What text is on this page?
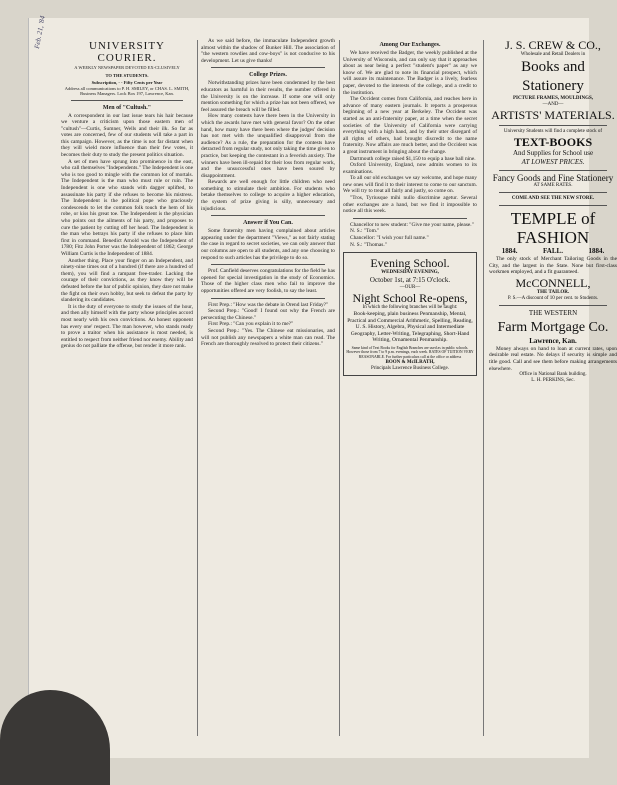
UNIVERSITY COURIER.
A WEEKLY NEWSPAPER DEVOTED EX-CLUSIVELY
TO THE STUDENTS.
Subscription, - - Fifty Cents per Year
Address all communications to P. H. SMILEY, or CHAS. L. SMITH, Business Managers. Lock Box 197, Lawrence, Kan.
Men of "Cultush."

A correspondent in our last issue tears his hair because we venture a criticism upon those eastern men of "cultush"—Curtis, Sumner, Wells and their ilk. So far as votes are concerned, few of our students will take a part in this campaign. However, as the time is not far distant when they will wield more influence than their few votes, it becomes their duty to study the present politics situation.

A set of men have sprung into prominence in the east, who call themselves "Independents." The Independent is one who is too good to mingle with the common lot of mortals. The Independent is the man who must rule or ruin. The Independent is one who stands with dagger uplifted, to assassinate his party if she refuses to become his mistress. The Independent is the political pope who graciously condescends to let the common folk touch the hem of his robe, or kiss his great toe. The Independent is the physician who points out the ailments of his party, and proposes to cure the patient by cutting off her head. The Independent is the man who betrays his party if she refuses to place him first in command. Benedict Arnold was the Independent of 1780; Fitz John Porter was the Independent of 1862; George William Curtis is the Independent of 1884.

Another thing. Place your finger on an Independent, and ninety-nine times out of a hundred (if there are a hundred of them), you will find a rampant free-trader. Lacking the courage of their convictions, as they know they will be defeated before the bar of public opinion, they dare not make the fight on their own hobby, but seek to defeat the party by slandering its candidates.

It is the duty of everyone to study the issues of the hour, and then ally himself with the party whose principles accord most nearly with his own convictions. An honest opponent has every one' respect. The man however, who stands ready to prove a traitor when his assistance is most needed, is entitled to respect from neither friend nor enemy. Ability and genius do not palliate the offense, but render it more rank.

As we said before, the immaculate Independent growth almost within the shadow of Bunker Hill. The association of "the western rowdies and cow-boys" is not conducive to his development. Let us give thanks!

College Prizes.

Notwithstanding prizes have been condemned by the best educators as harmful in their results, the number offered in the University is on the increase. If some one will only mention something for which a prize has not been offered, we feel assured the breach will be filled.

How many contests have there been in the University in which the awards have met with general favor? On the other hand, how many have there been where the judges' decision has not met with the unqualified disapproval from the audience? As a rule, the preparation for the contests have detracted from regular study, not only taking the time given to practice, but keeping the contestant in a feverish anxiety. The winners have been ill-repaid for their loss from regular work, and the unsuccessful ones have been soured by disappointment.

Rewards are well enough for little children who need something to stimulate their ambition. For students who betake themselves to college to acquire a higher education, the system of prize giving is silly, unnecessary and injudicious.

Answer if You Can.

Some fraternity men having complained about articles appearing under the department "Views," as not fairly stating the case in regard to secret societies, we can only answer that our columns are open to all students, and any one choosing to respond to such articles has the privilege to do so.

Prof. Canfield deserves congratulations for the field he has opened for special investigation in the study of Economics. Those of the higher class men who fail to improve the opportunities offered are very foolish, to say the least.

First Prep.: "How was the debate in Orend last Friday?"

Second Prep.: "Good! I found out why the French are persecuting the Chinese."

First Prep.: "Can you explain it to me?"

Second Prep.: "Yes. The Chinese eat missionaries, and will not publish any newspapers a white man can read. The French are thoroughly resolved to protect their citizens."

Among Our Exchanges.

We have received the Badger, the weekly published at the University of Wisconsin, and can only say that it approaches about as near being a perfect "student's paper" as any we know of. We are glad to note its financial prospect, which will assure its maintenance. The Badger is a lively, fearless paper, devoted to the interests of the college, and a credit to the institution.

The Occident comes from California, and reaches here in advance of many eastern journals. It reports a prosperous beginning of a new year at Berkeley. The Occident was started as an anti-fraternity paper, at a time when the secret societies of the University of California were carrying everything with a high hand, and by their utter disregard of all rights of others, had brought discredit to the name fraternity. Now affairs are much better, and the Occident was a great instrument in bringing about the change.

Dartmouth college raised $1,150 to equip a base ball nine.

Oxford University, England, now admits women to its examinations.

To all our old exchanges we say welcome, and hope many new ones will find it to their interest to come to our sanctum. We will try to treat all fairly and justly, so come on.

"Tros, Tyriusque mihi nullo discrimine agetur. Several other exchanges are a hand, but we find it impossible to notice all this week.

Chancellor to new student: "Give me your name, please."

N. S.: "Tom."

Chancellor: "I wish your full name."

N. S.: "Thomas."

Evening School.
WEDNESDAY EVENING,
October 1st, at 7:15 O'clock.
—OUR—
Night School Re-opens,
In which the following branches will be taught:
Book-keeping, plain business Penmanship, Mental, Practical and Commercial Arithmetic, Spelling, Reading, U. S. History, Algebra, Physical and Intermediate Geography, Letter-Writing, Telegraphing, Short-Hand Writing, Ornamental Penmanship.
Same kind of Text Books for English Branches are used as in public schools. However those from 7 to 9 p.m. evenings, each week. RATES OF TUITION VERY REASONABLE. For further particulars call at the office or address
BOON & McILRATH,
Principals Lawrence Business College.
J. S. CREW & CO.,
Wholesale and Retail Dealers in
Books and Stationery
PICTURE FRAMES, MOULDINGS,
—AND—
ARTISTS' MATERIALS.
University Students will find a complete stock of
TEXT-BOOKS
And Supplies for School use
AT LOWEST PRICES.
Fancy Goods and Fine Stationery
AT SAME RATES.
COME AND SEE THE NEW STORE.
TEMPLE of FASHION
1884.	FALL.	1884.

The only stock of Merchant Tailoring Goods in the City, and the largest in the State. None but first-class workmen employed, and a fit guaranteed.

McCONNELL,
THE TAILOR.
P. S.—A discount of 10 per cent. to Students.
THE WESTERN
Farm Mortgage Co.
Lawrence, Kan.

Money always on hand to loan at current rates, upon desirable real estate. No delays if security is simple and title good. Call and see them before making arrangements elsewhere.

Office in National Bank building.
L. H. PERKINS, Sec.
Feb. 21, '84
